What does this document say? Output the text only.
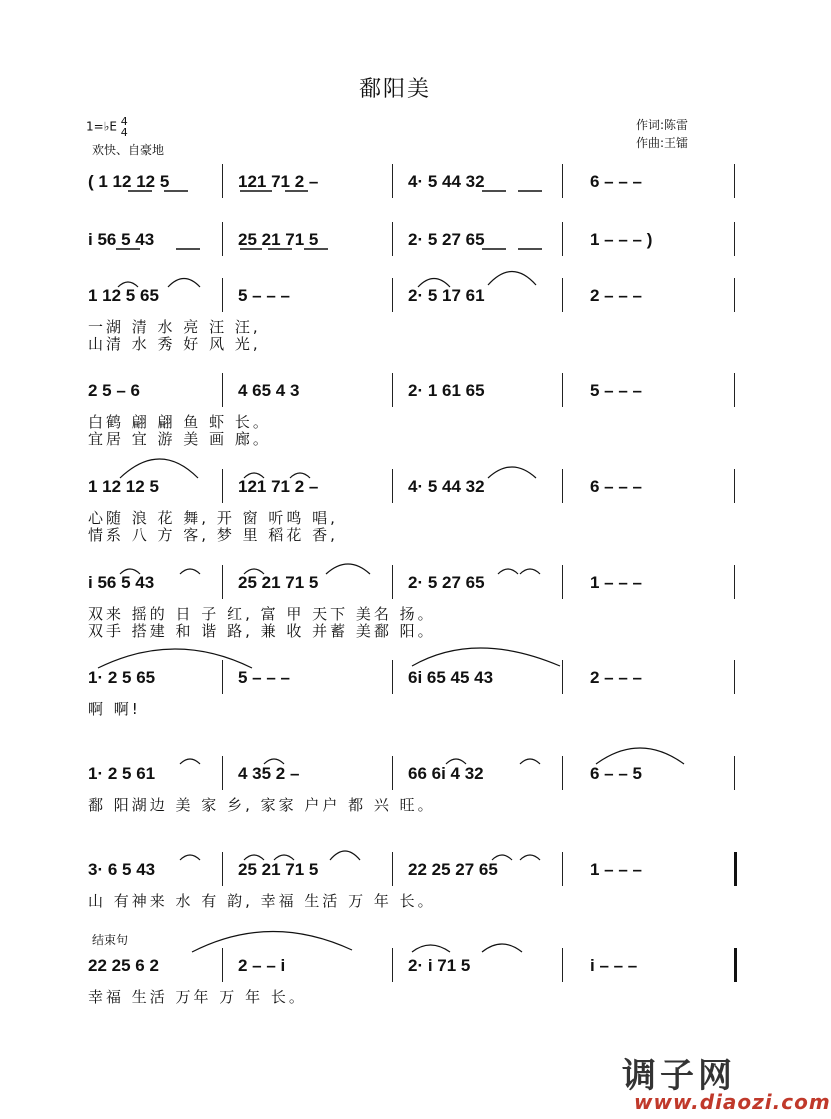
鄱阳美
1=♭E 4
4
欢快、自豪地
作词:陈雷
作曲:王镭
( 1 12 12 5	121 71 2 –	4· 5 44 32	6 – – –
i 56 5 43	25 21 71 5	2· 5 27 65	1 – – – )
1 12 5 65	5 – – –	2· 5 17 61	2 – – –
一湖 清 水 亮 汪 汪,
山清 水 秀 好 风 光,
2 5 – 6	4 65 4 3	2· 1 61 65	5 – – –
白鹤 翩 翩 鱼 虾 长。
宜居 宜 游 美 画 廊。
1 12 12 5	121 71 2 –	4· 5 44 32	6 – – –
心随 浪 花 舞, 开 窗 听鸣 唱,
情系 八 方 客, 梦 里 稻花 香,
i 56 5 43	25 21 71 5	2· 5 27 65	1 – – –
双来 摇的 日 子 红, 富 甲 天下 美名 扬。
双手 搭建 和 谐 路, 兼 收 并蓄 美鄱 阳。
1· 2 5 65	5 – – –	6i 65 45 43	2 – – –
啊 啊!
1· 2 5 61	4 35 2 –	66 6i 4 32	6 – – 5
鄱 阳湖边 美 家 乡, 家家 户户 都 兴 旺。
3· 6 5 43	25 21 71 5	22 25 27 65	1 – – –
山 有神来 水 有 韵, 幸福 生活 万 年 长。
22 25 6 2	2 – – i	2· i 71 5	i – – –
幸福 生活 万年 万 年 长。
结束句
调子网
www.diaozi.com
